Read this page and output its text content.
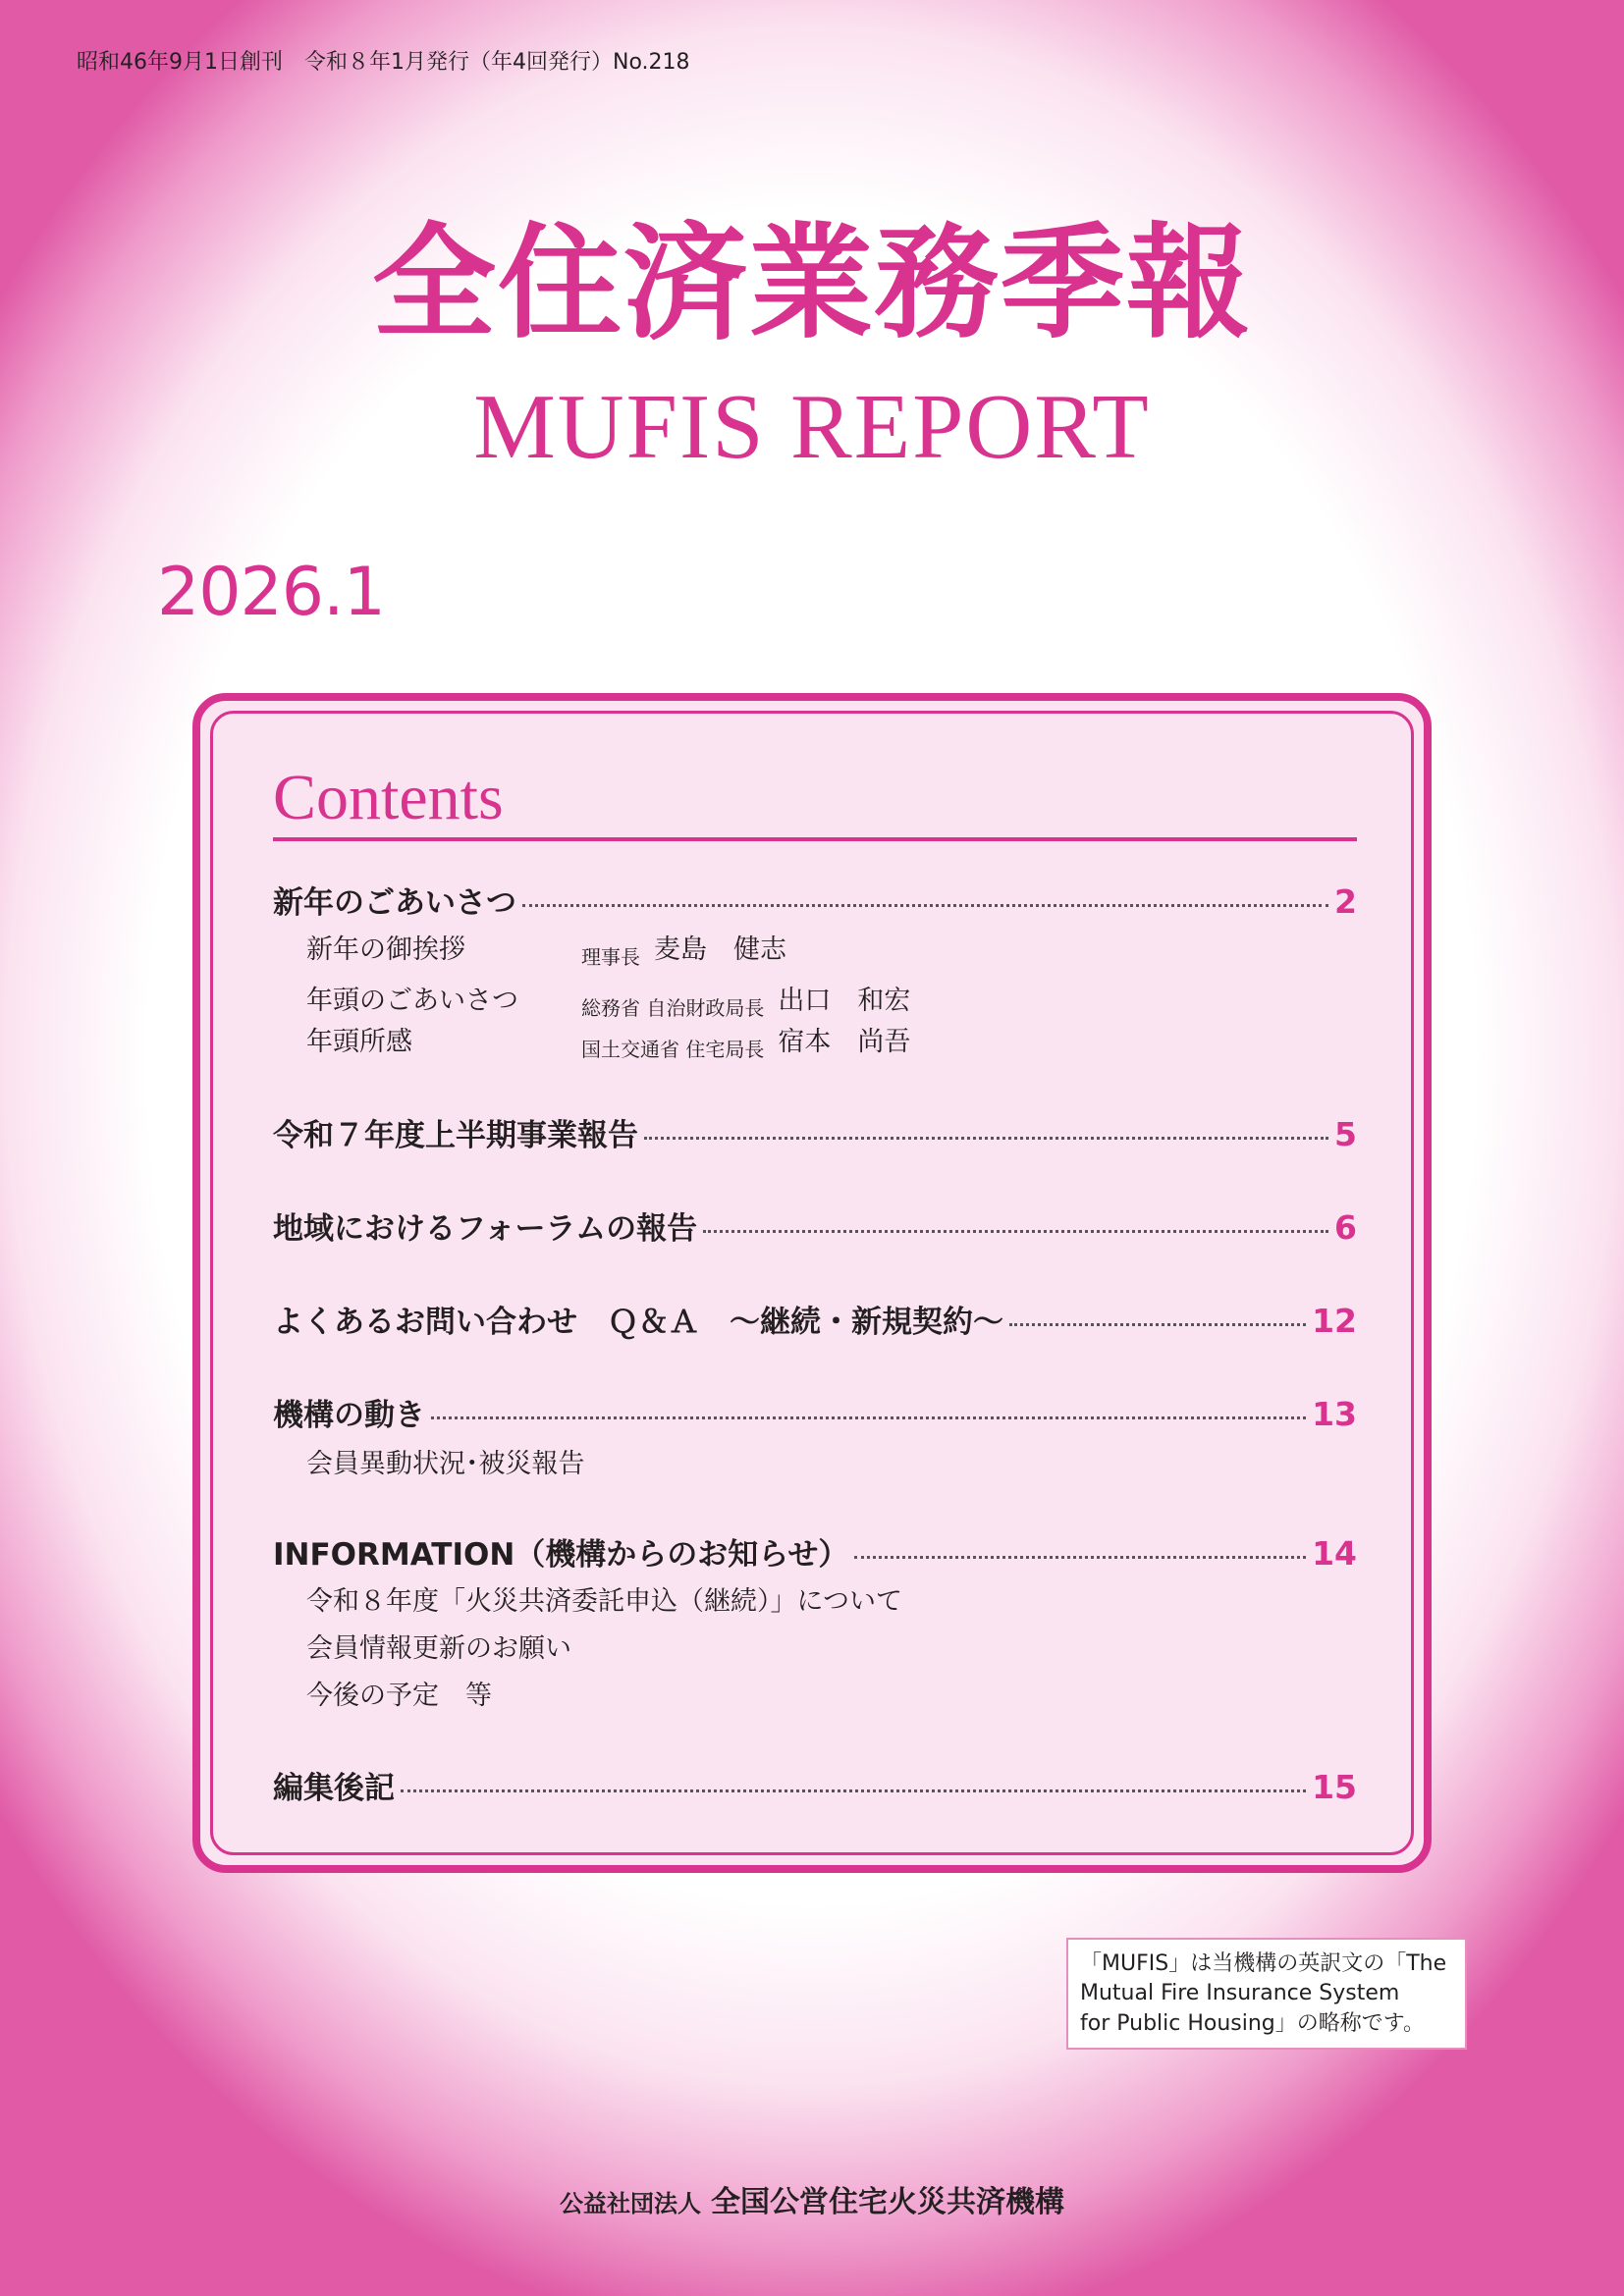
昭和46年9月1日創刊　令和８年1月発行（年4回発行）No.218
全住済業務季報
MUFIS REPORT
2026.1
Contents
新年のごあいさつ	2
新年の御挨拶	理事長 麦島　健志
年頭のごあいさつ	総務省 自治財政局長 出口　和宏
年頭所感	国土交通省 住宅局長 宿本　尚吾
令和７年度上半期事業報告	5
地域におけるフォーラムの報告	6
よくあるお問い合わせ　Ｑ＆Ａ　～継続・新規契約～	12
機構の動き	13
会員異動状況･被災報告
INFORMATION（機構からのお知らせ）	14
令和８年度「火災共済委託申込（継続）」について
会員情報更新のお願い
今後の予定　等
編集後記	15
「MUFIS」は当機構の英訳文の「The
Mutual Fire Insurance System
for Public Housing」の略称です。
公益社団法人 全国公営住宅火災共済機構
